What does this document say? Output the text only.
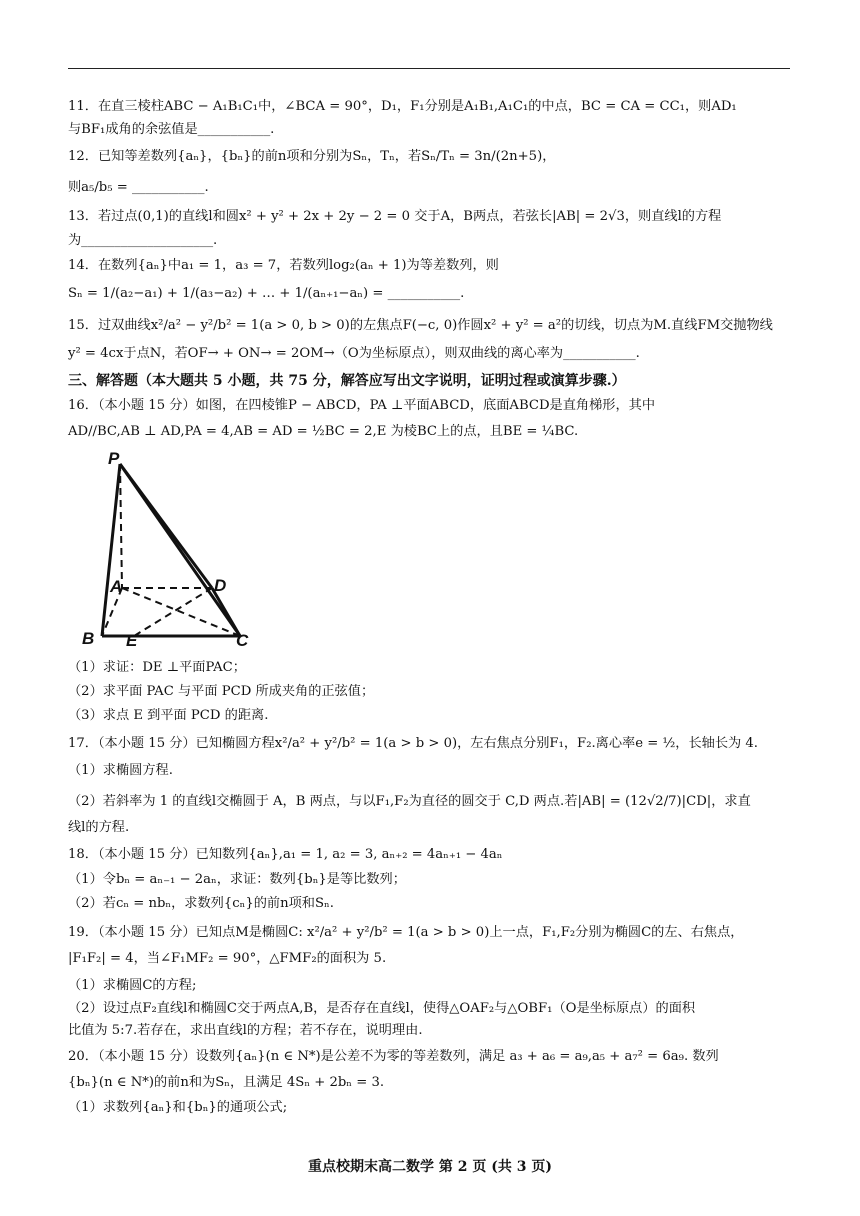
11．在直三棱柱ABC − A₁B₁C₁中，∠BCA = 90°，D₁，F₁分别是A₁B₁,A₁C₁的中点，BC = CA = CC₁，则AD₁
与BF₁成角的余弦值是___________.
12．已知等差数列{aₙ}，{bₙ}的前n项和分别为Sₙ，Tₙ，若Sₙ/Tₙ = 3n/(2n+5)，
则a₅/b₅ = ___________.
13．若过点(0,1)的直线l和圆x² + y² + 2x + 2y − 2 = 0 交于A，B两点，若弦长|AB| = 2√3，则直线l的方程
为____________________.
14．在数列{aₙ}中a₁ = 1，a₃ = 7，若数列log₂(aₙ + 1)为等差数列，则
Sₙ = 1/(a₂−a₁) + 1/(a₃−a₂) + … + 1/(aₙ₊₁−aₙ) = ___________.
15．过双曲线x²/a² − y²/b² = 1(a > 0, b > 0)的左焦点F(−c, 0)作圆x² + y² = a²的切线，切点为M.直线FM交抛物线
y² = 4cx于点N，若OF→ + ON→ = 2OM→（O为坐标原点），则双曲线的离心率为___________.
三、解答题（本大题共 5 小题，共 75 分，解答应写出文字说明，证明过程或演算步骤.）
16．（本小题 15 分）如图，在四棱锥P − ABCD，PA ⊥平面ABCD，底面ABCD是直角梯形，其中
AD//BC,AB ⊥ AD,PA = 4,AB = AD = ½BC = 2,E 为棱BC上的点，且BE = ¼BC.
P
A	D
B E	C
（1）求证：DE ⊥平面PAC；
（2）求平面 PAC 与平面 PCD 所成夹角的正弦值；
（3）求点 E 到平面 PCD 的距离.
17．（本小题 15 分）已知椭圆方程x²/a² + y²/b² = 1(a > b > 0)，左右焦点分别F₁，F₂.离心率e = ½，长轴长为 4.
（1）求椭圆方程.
（2）若斜率为 1 的直线l交椭圆于 A，B 两点，与以F₁,F₂为直径的圆交于 C,D 两点.若|AB| = (12√2/7)|CD|，求直
线l的方程.
18．（本小题 15 分）已知数列{aₙ},a₁ = 1, a₂ = 3, aₙ₊₂ = 4aₙ₊₁ − 4aₙ
（1）令bₙ = aₙ₋₁ − 2aₙ，求证：数列{bₙ}是等比数列；
（2）若cₙ = nbₙ，求数列{cₙ}的前n项和Sₙ.
19．（本小题 15 分）已知点M是椭圆C: x²/a² + y²/b² = 1(a > b > 0)上一点，F₁,F₂分别为椭圆C的左、右焦点，
|F₁F₂| = 4，当∠F₁MF₂ = 90°，△FMF₂的面积为 5.
（1）求椭圆C的方程;
（2）设过点F₂直线l和椭圆C交于两点A,B，是否存在直线l，使得△OAF₂与△OBF₁（O是坐标原点）的面积
比值为 5:7.若存在，求出直线l的方程；若不存在，说明理由.
20．（本小题 15 分）设数列{aₙ}(n ∈ N*)是公差不为零的等差数列，满足 a₃ + a₆ = a₉,a₅ + a₇² = 6a₉. 数列
{bₙ}(n ∈ N*)的前n和为Sₙ，且满足 4Sₙ + 2bₙ = 3.
（1）求数列{aₙ}和{bₙ}的通项公式;
重点校期末高二数学 第 2 页 (共 3 页)
